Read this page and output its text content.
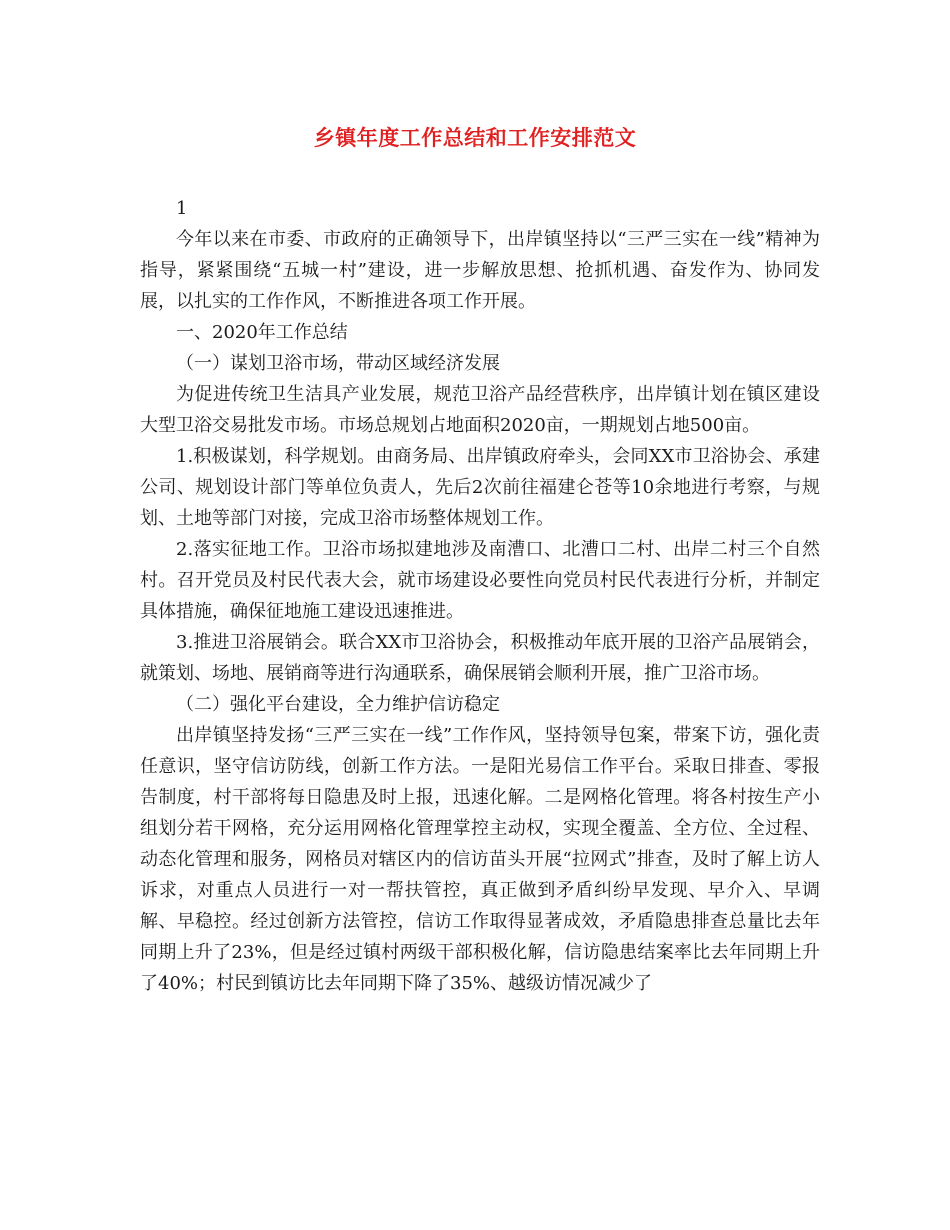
乡镇年度工作总结和工作安排范文

1

今年以来在市委、市政府的正确领导下，出岸镇坚持以“三严三实在一线”精神为指导，紧紧围绕“五城一村”建设，进一步解放思想、抢抓机遇、奋发作为、协同发展，以扎实的工作作风，不断推进各项工作开展。

一、2020年工作总结

（一）谋划卫浴市场，带动区域经济发展

为促进传统卫生洁具产业发展，规范卫浴产品经营秩序，出岸镇计划在镇区建设大型卫浴交易批发市场。市场总规划占地面积2020亩，一期规划占地500亩。

1.积极谋划，科学规划。由商务局、出岸镇政府牵头，会同XX市卫浴协会、承建公司、规划设计部门等单位负责人，先后2次前往福建仑苍等10余地进行考察，与规划、土地等部门对接，完成卫浴市场整体规划工作。

2.落实征地工作。卫浴市场拟建地涉及南漕口、北漕口二村、出岸二村三个自然村。召开党员及村民代表大会，就市场建设必要性向党员村民代表进行分析，并制定具体措施，确保征地施工建设迅速推进。

3.推进卫浴展销会。联合XX市卫浴协会，积极推动年底开展的卫浴产品展销会，就策划、场地、展销商等进行沟通联系，确保展销会顺利开展，推广卫浴市场。

（二）强化平台建设，全力维护信访稳定

出岸镇坚持发扬“三严三实在一线”工作作风，坚持领导包案，带案下访，强化责任意识，坚守信访防线，创新工作方法。一是阳光易信工作平台。采取日排查、零报告制度，村干部将每日隐患及时上报，迅速化解。二是网格化管理。将各村按生产小组划分若干网格，充分运用网格化管理掌控主动权，实现全覆盖、全方位、全过程、动态化管理和服务，网格员对辖区内的信访苗头开展“拉网式”排查，及时了解上访人诉求，对重点人员进行一对一帮扶管控，真正做到矛盾纠纷早发现、早介入、早调解、早稳控。经过创新方法管控，信访工作取得显著成效，矛盾隐患排查总量比去年同期上升了23%，但是经过镇村两级干部积极化解，信访隐患结案率比去年同期上升了40%；村民到镇访比去年同期下降了35%、越级访情况减少了
